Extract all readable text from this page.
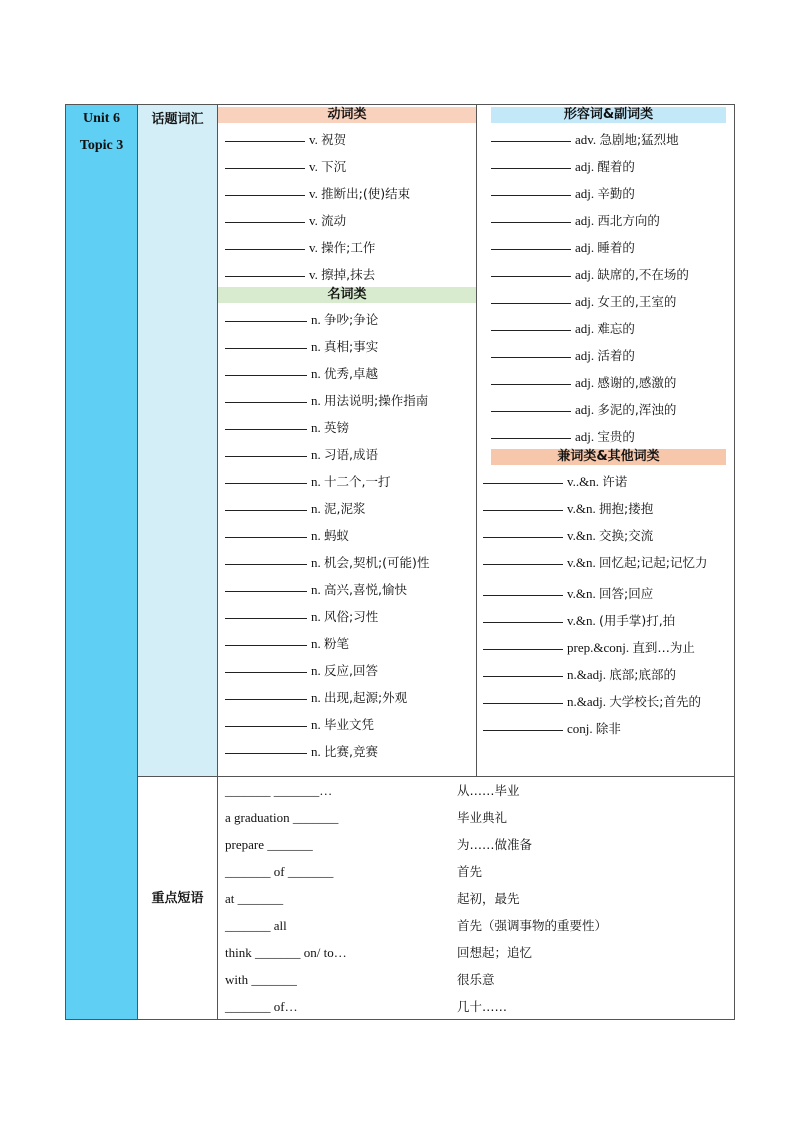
Unit 6
Topic 3
话题词汇
重点短语
动词类
v. 祝贺
v. 下沉
v. 推断出;(使)结束
v. 流动
v. 操作;工作
v. 擦掉,抹去
名词类
n. 争吵;争论
n. 真相;事实
n. 优秀,卓越
n. 用法说明;操作指南
n. 英镑
n. 习语,成语
n. 十二个,一打
n. 泥,泥浆
n. 蚂蚁
n. 机会,契机;(可能)性
n. 高兴,喜悦,愉快
n. 风俗;习性
n. 粉笔
n. 反应,回答
n. 出现,起源;外观
n. 毕业文凭
n. 比赛,竞赛
形容词&副词类
adv. 急剧地;猛烈地
adj. 醒着的
adj. 辛勤的
adj. 西北方向的
adj. 睡着的
adj. 缺席的,不在场的
adj. 女王的,王室的
adj. 难忘的
adj. 活着的
adj. 感谢的,感激的
adj. 多泥的,浑浊的
adj. 宝贵的
兼词类&其他词类
v..&n. 许诺
v.&n. 拥抱;搂抱
v.&n. 交换;交流
v.&n. 回忆起;记起;记忆力
v.&n. 回答;回应
v.&n. (用手掌)打,拍
prep.&conj. 直到…为止
n.&adj. 底部;底部的
n.&adj. 大学校长;首先的
conj. 除非
_______ _______…	从……毕业
a graduation _______	毕业典礼
prepare _______	为……做准备
_______ of _______	首先
at _______	起初，最先
_______ all	首先（强调事物的重要性）
think _______ on/ to…	回想起；追忆
with _______	很乐意
_______ of…	几十……
